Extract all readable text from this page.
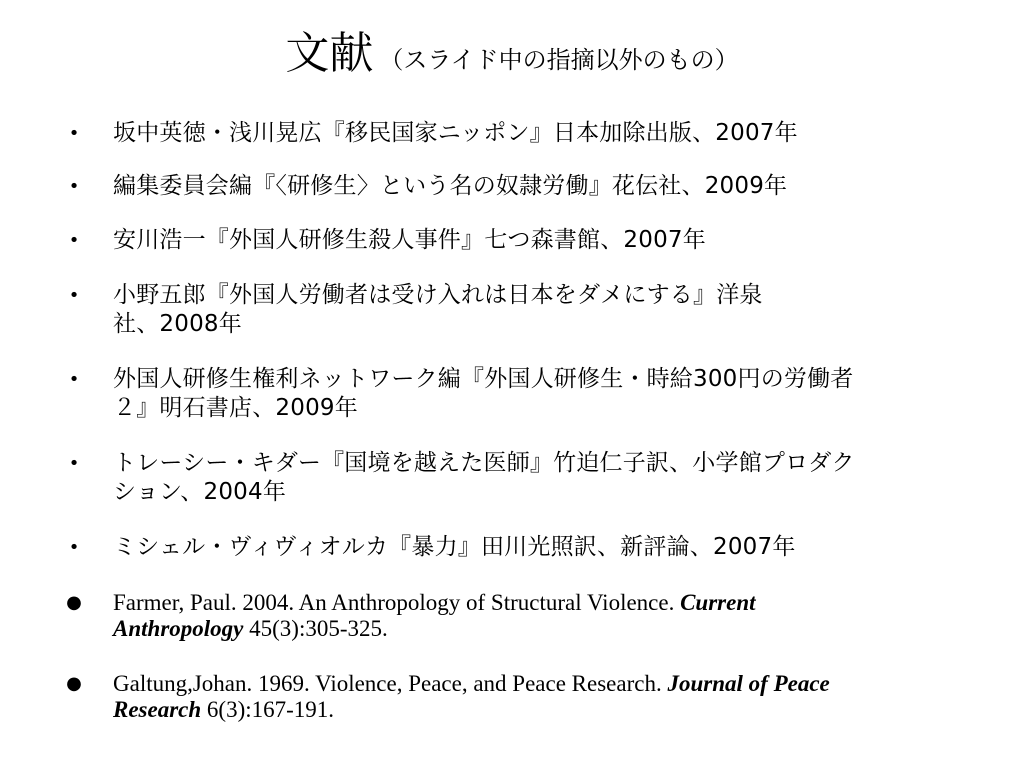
文献 （スライド中の指摘以外のもの）
• 坂中英徳・浅川晃広『移民国家ニッポン』日本加除出版、2007年
• 編集委員会編『〈研修生〉という名の奴隷労働』花伝社、2009年
• 安川浩一『外国人研修生殺人事件』七つ森書館、2007年
• 小野五郎『外国人労働者は受け入れは日本をダメにする』洋泉
社、2008年
• 外国人研修生権利ネットワーク編『外国人研修生・時給300円の労働者
２』明石書店、2009年
• トレーシー・キダー『国境を越えた医師』竹迫仁子訳、小学館プロダク
ション、2004年
• ミシェル・ヴィヴィオルカ『暴力』田川光照訳、新評論、2007年
● Farmer, Paul. 2004. An Anthropology of Structural Violence. Current
Anthropology 45(3):305-325.
● Galtung,Johan. 1969. Violence, Peace, and Peace Research. Journal of Peace
Research 6(3):167-191.
